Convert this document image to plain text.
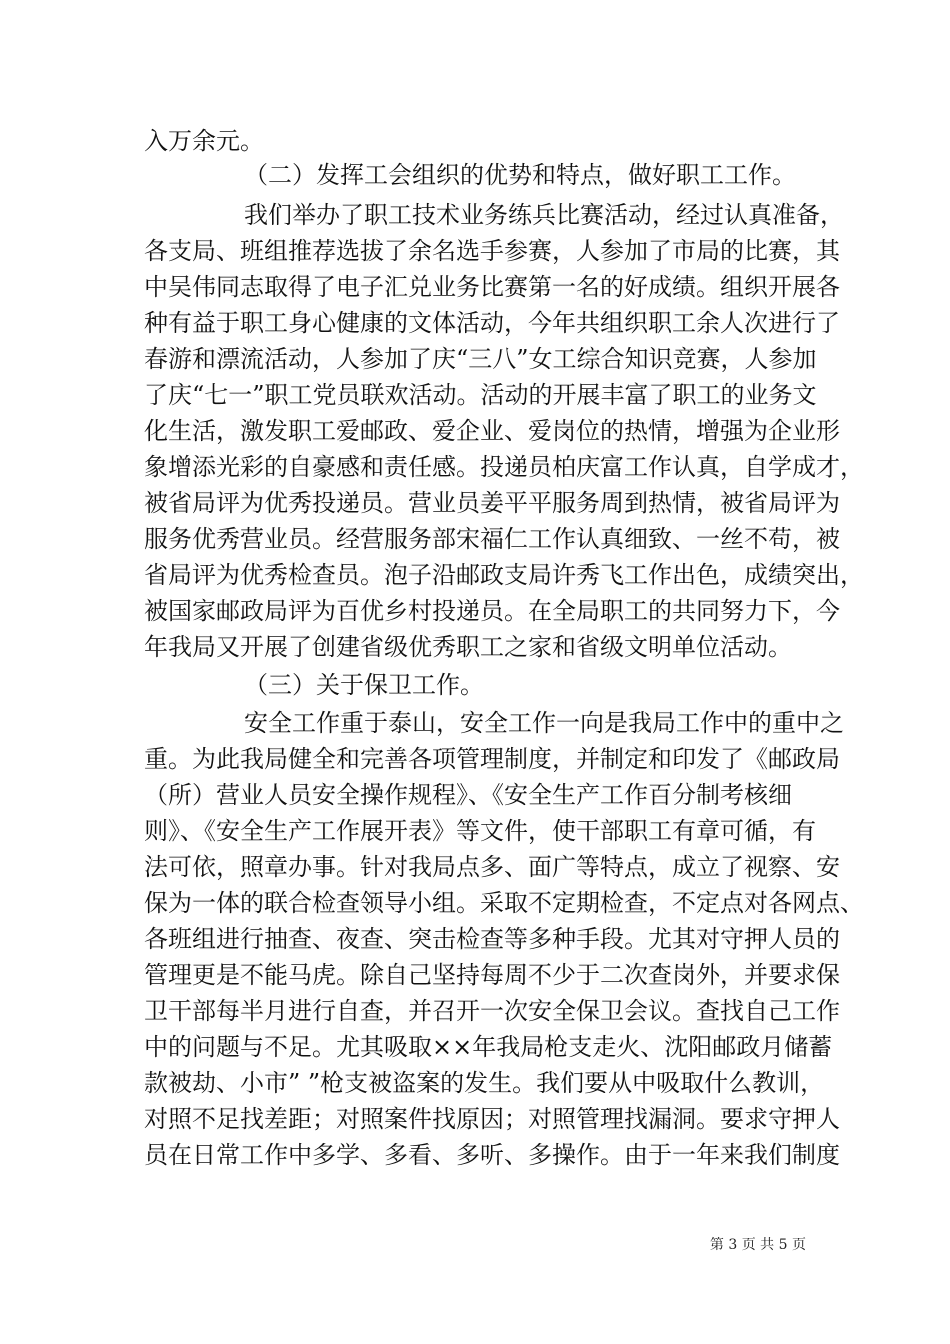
入万余元。

（二）发挥工会组织的优势和特点，做好职工工作。

我们举办了职工技术业务练兵比赛活动，经过认真准备，

各支局、班组推荐选拔了余名选手参赛，人参加了市局的比赛，其

中吴伟同志取得了电子汇兑业务比赛第一名的好成绩。组织开展各

种有益于职工身心健康的文体活动，今年共组织职工余人次进行了

春游和漂流活动，人参加了庆“三八”女工综合知识竞赛，人参加

了庆“七一”职工党员联欢活动。活动的开展丰富了职工的业务文

化生活，激发职工爱邮政、爱企业、爱岗位的热情，增强为企业形

象增添光彩的自豪感和责任感。投递员柏庆富工作认真，自学成才，

被省局评为优秀投递员。营业员姜平平服务周到热情，被省局评为

服务优秀营业员。经营服务部宋福仁工作认真细致、一丝不苟，被

省局评为优秀检查员。泡子沿邮政支局许秀飞工作出色，成绩突出，

被国家邮政局评为百优乡村投递员。在全局职工的共同努力下，今

年我局又开展了创建省级优秀职工之家和省级文明单位活动。

（三）关于保卫工作。

安全工作重于泰山，安全工作一向是我局工作中的重中之

重。为此我局健全和完善各项管理制度，并制定和印发了《邮政局

（所）营业人员安全操作规程》、《安全生产工作百分制考核细

则》、《安全生产工作展开表》等文件，使干部职工有章可循，有

法可依，照章办事。针对我局点多、面广等特点，成立了视察、安

保为一体的联合检查领导小组。采取不定期检查，不定点对各网点、

各班组进行抽查、夜查、突击检查等多种手段。尤其对守押人员的

管理更是不能马虎。除自己坚持每周不少于二次查岗外，并要求保

卫干部每半月进行自查，并召开一次安全保卫会议。查找自己工作

中的问题与不足。尤其吸取××年我局枪支走火、沈阳邮政月储蓄

款被劫、小市” ”枪支被盗案的发生。我们要从中吸取什么教训，

对照不足找差距；对照案件找原因；对照管理找漏洞。要求守押人

员在日常工作中多学、多看、多听、多操作。由于一年来我们制度

第 3 页 共 5 页
